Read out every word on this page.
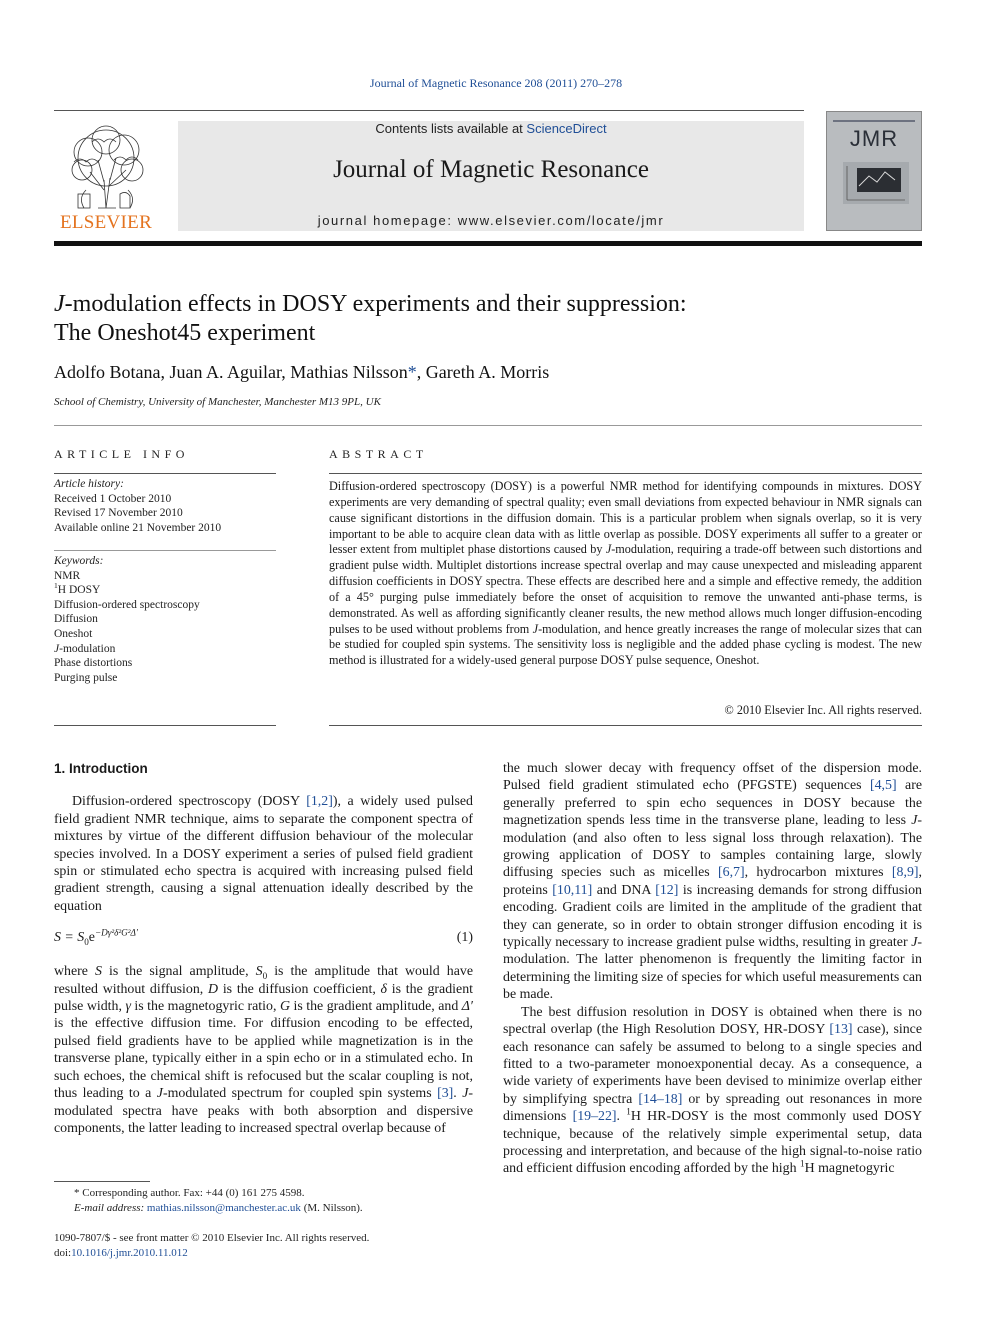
Journal of Magnetic Resonance 208 (2011) 270–278
ELSEVIER
Contents lists available at ScienceDirect
Journal of Magnetic Resonance
journal homepage: www.elsevier.com/locate/jmr
JMR
J-modulation effects in DOSY experiments and their suppression:
The Oneshot45 experiment
Adolfo Botana, Juan A. Aguilar, Mathias Nilsson*, Gareth A. Morris
School of Chemistry, University of Manchester, Manchester M13 9PL, UK
ARTICLE INFO	ABSTRACT
Article history:
Received 1 October 2010
Revised 17 November 2010
Available online 21 November 2010
Keywords:
NMR
$^1$H DOSY
Diffusion-ordered spectroscopy
Diffusion
Oneshot
J-modulation
Phase distortions
Purging pulse
Diffusion-ordered spectroscopy (DOSY) is a powerful NMR method for identifying compounds in mixtures. DOSY experiments are very demanding of spectral quality; even small deviations from expected behaviour in NMR signals can cause significant distortions in the diffusion domain. This is a particular problem when signals overlap, so it is very important to be able to acquire clean data with as little overlap as possible. DOSY experiments all suffer to a greater or lesser extent from multiplet phase distortions caused by J-modulation, requiring a trade-off between such distortions and gradient pulse width. Multiplet distortions increase spectral overlap and may cause unexpected and misleading apparent diffusion coefficients in DOSY spectra. These effects are described here and a simple and effective remedy, the addition of a 45° purging pulse immediately before the onset of acquisition to remove the unwanted anti-phase terms, is demonstrated. As well as affording significantly cleaner results, the new method allows much longer diffusion-encoding pulses to be used without problems from J-modulation, and hence greatly increases the range of molecular sizes that can be studied for coupled spin systems. The sensitivity loss is negligible and the added phase cycling is modest. The new method is illustrated for a widely-used general purpose DOSY pulse sequence, Oneshot.
© 2010 Elsevier Inc. All rights reserved.

1. Introduction

Diffusion-ordered spectroscopy (DOSY [1,2]), a widely used pulsed field gradient NMR technique, aims to separate the component spectra of mixtures by virtue of the different diffusion behaviour of the molecular species involved. In a DOSY experiment a series of pulsed field gradient spin or stimulated echo spectra is acquired with increasing pulsed field gradient strength, causing a signal attenuation ideally described by the equation

$S = S_0e^{-D\gamma^2\delta^2G^2\Delta'}$	(1)

where S is the signal amplitude, $S_0$ is the amplitude that would have resulted without diffusion, D is the diffusion coefficient, δ is the gradient pulse width, γ is the magnetogyric ratio, G is the gradient amplitude, and Δ′ is the effective diffusion time. For diffusion encoding to be effected, pulsed field gradients have to be applied while magnetization is in the transverse plane, typically either in a spin echo or in a stimulated echo. In such echoes, the chemical shift is refocused but the scalar coupling is not, thus leading to a J-modulated spectrum for coupled spin systems [3]. J-modulated spectra have peaks with both absorption and dispersive components, the latter leading to increased spectral overlap because of

the much slower decay with frequency offset of the dispersion mode. Pulsed field gradient stimulated echo (PFGSTE) sequences [4,5] are generally preferred to spin echo sequences in DOSY because the magnetization spends less time in the transverse plane, leading to less J-modulation (and also often to less signal loss through relaxation). The growing application of DOSY to samples containing large, slowly diffusing species such as micelles [6,7], hydrocarbon mixtures [8,9], proteins [10,11] and DNA [12] is increasing demands for strong diffusion encoding. Gradient coils are limited in the amplitude of the gradient that they can generate, so in order to obtain stronger diffusion encoding it is typically necessary to increase gradient pulse widths, resulting in greater J-modulation. The latter phenomenon is frequently the limiting factor in determining the limiting size of species for which useful measurements can be made.

The best diffusion resolution in DOSY is obtained when there is no spectral overlap (the High Resolution DOSY, HR-DOSY [13] case), since each resonance can safely be assumed to belong to a single species and fitted to a two-parameter monoexponential decay. As a consequence, a wide variety of experiments have been devised to minimize overlap either by simplifying spectra [14–18] or by spreading out resonances in more dimensions [19–22]. $^1$H HR-DOSY is the most commonly used DOSY technique, because of the relatively simple experimental setup, data processing and interpretation, and because of the high signal-to-noise ratio and efficient diffusion encoding afforded by the high $^1$H magnetogyric

* Corresponding author. Fax: +44 (0) 161 275 4598.
E-mail address: mathias.nilsson@manchester.ac.uk (M. Nilsson).
1090-7807/$ - see front matter © 2010 Elsevier Inc. All rights reserved.
doi:10.1016/j.jmr.2010.11.012
